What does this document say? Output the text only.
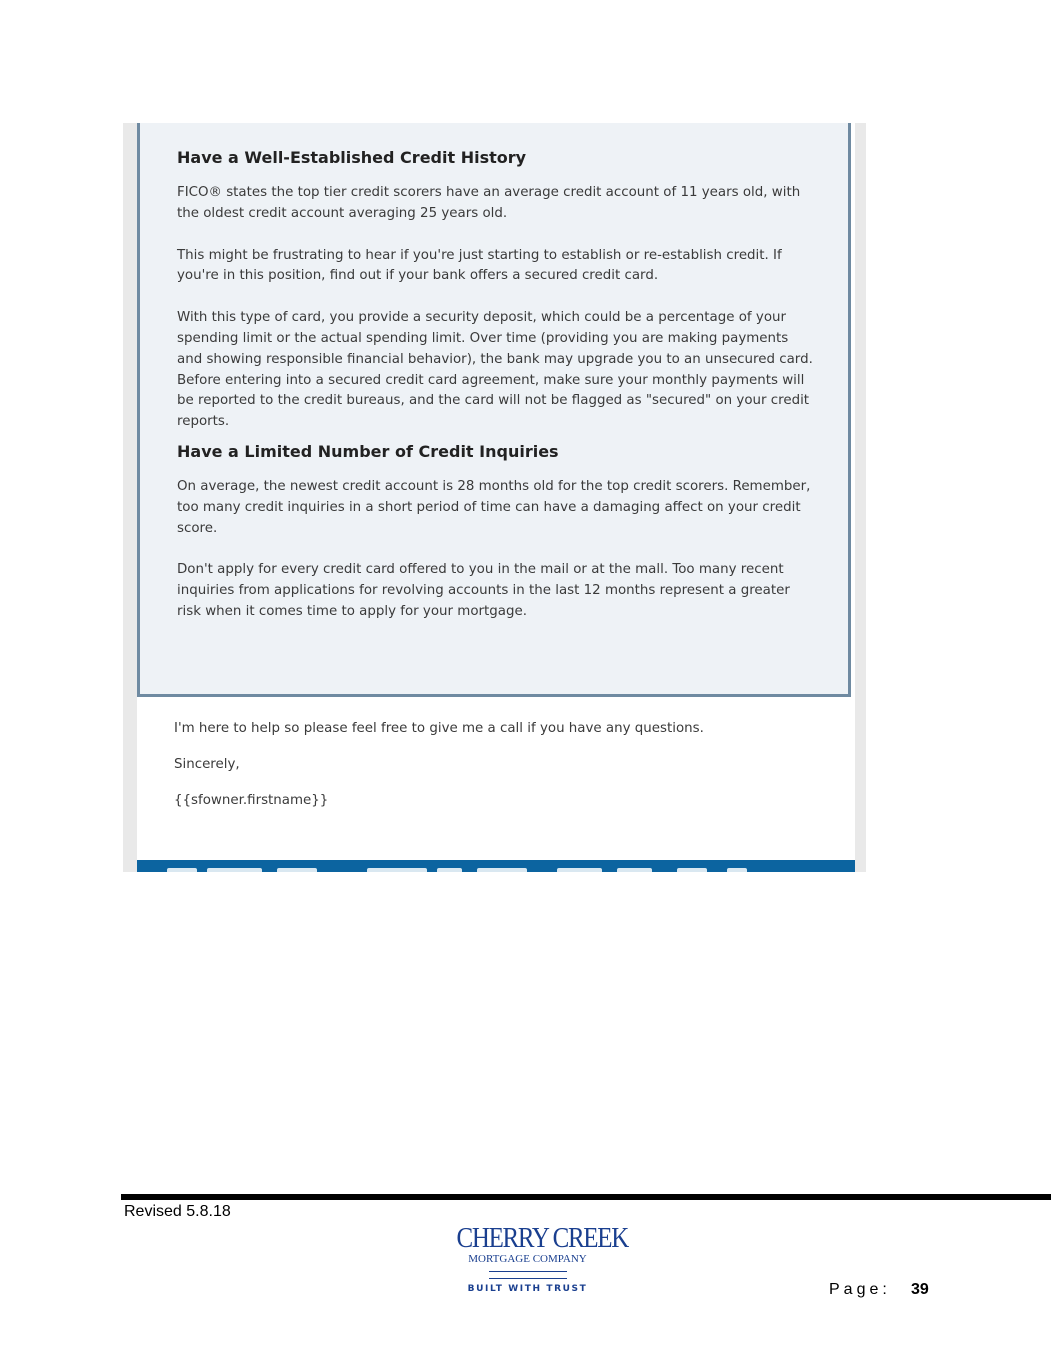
Have a Well-Established Credit History

FICO® states the top tier credit scorers have an average credit account of 11 years old, with the oldest credit account averaging 25 years old.

This might be frustrating to hear if you're just starting to establish or re-establish credit. If you're in this position, find out if your bank offers a secured credit card.

With this type of card, you provide a security deposit, which could be a percentage of your spending limit or the actual spending limit. Over time (providing you are making payments and showing responsible financial behavior), the bank may upgrade you to an unsecured card. Before entering into a secured credit card agreement, make sure your monthly payments will be reported to the credit bureaus, and the card will not be flagged as "secured" on your credit reports.

Have a Limited Number of Credit Inquiries

On average, the newest credit account is 28 months old for the top credit scorers. Remember, too many credit inquiries in a short period of time can have a damaging affect on your credit score.

Don't apply for every credit card offered to you in the mail or at the mall. Too many recent inquiries from applications for revolving accounts in the last 12 months represent a greater risk when it comes time to apply for your mortgage.

I'm here to help so please feel free to give me a call if you have any questions.

Sincerely,

{{sfowner.firstname}}

Revised 5.8.18
CHERRY CREEK
MORTGAGE COMPANY
BUILT WITH TRUST	Page: 39
